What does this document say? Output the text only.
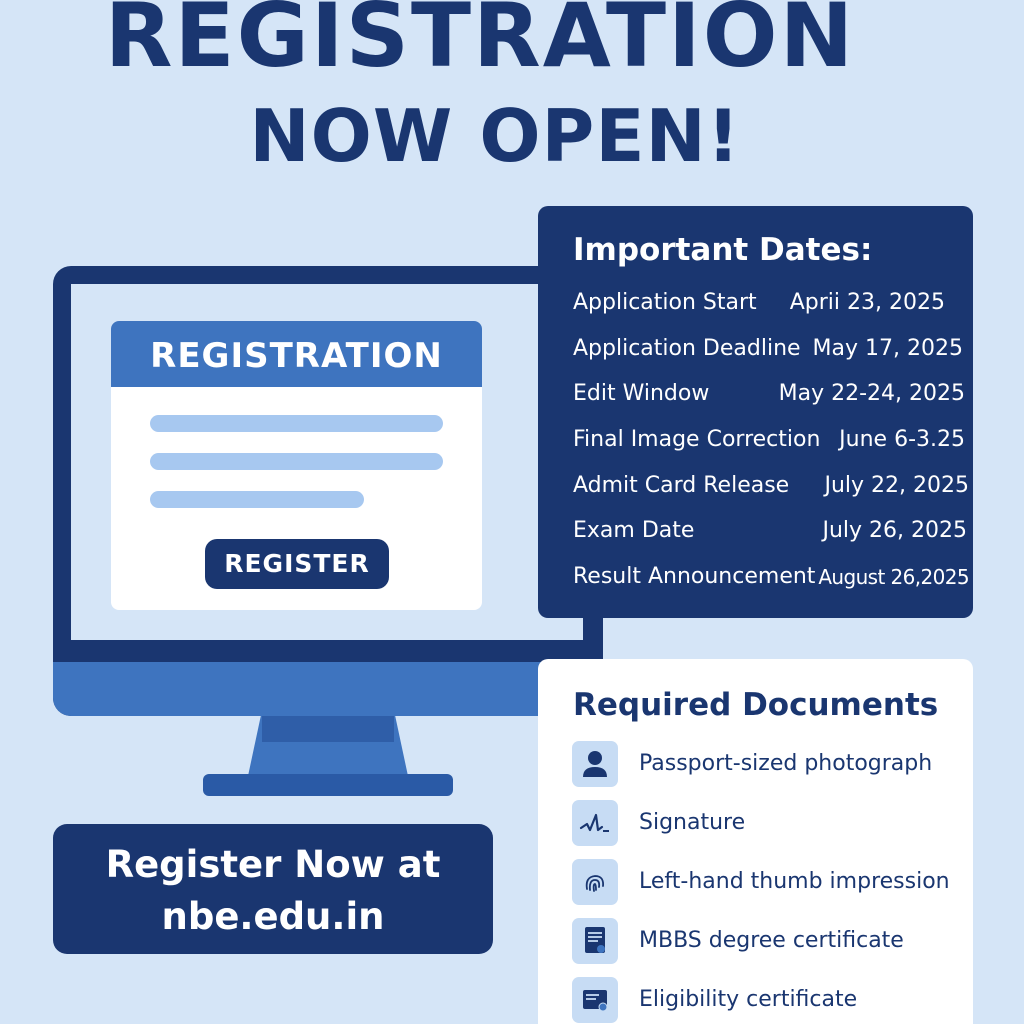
REGISTRATION
NOW OPEN!
REGISTRATION
REGISTER
Register Now at
nbe.edu.in
Important Dates:
Application Start Aprii 23, 2025
Application Deadline May 17, 2025
Edit Window	May 22-24, 2025
Final Image Correction June 6-3.25
Admit Card Release July 22, 2025
Exam Date	July 26, 2025
Result Announcement August 26,2025
Required Documents
Passport-sized photograph
Signature
Left-hand thumb impression
MBBS degree certificate
Eligibility certificate
